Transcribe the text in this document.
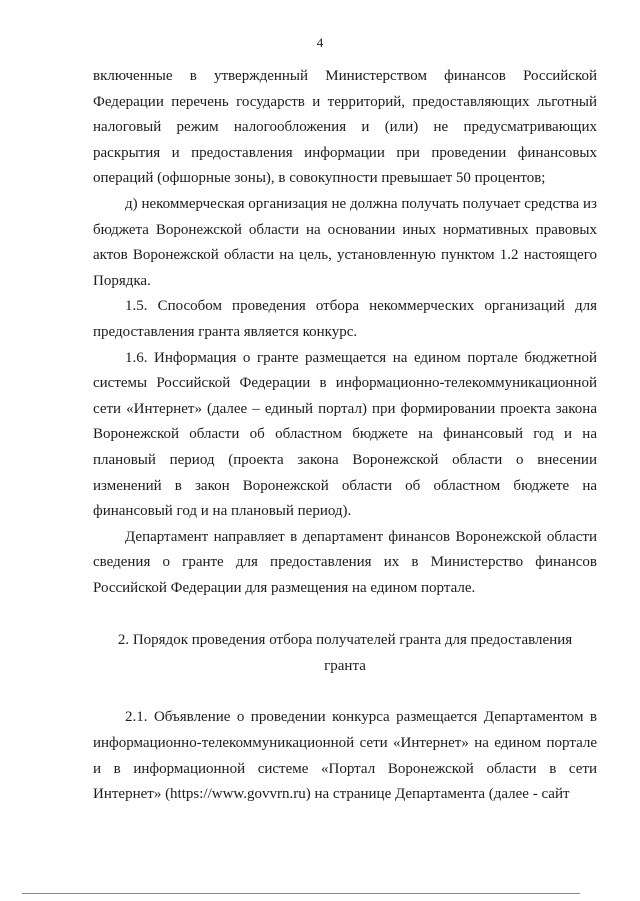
4

включенные в утвержденный Министерством финансов Российской Федерации перечень государств и территорий, предоставляющих льготный налоговый режим налогообложения и (или) не предусматривающих раскрытия и предоставления информации при проведении финансовых операций (офшорные зоны), в совокупности превышает 50 процентов;

д) некоммерческая организация не должна получать получает средства из бюджета Воронежской области на основании иных нормативных правовых актов Воронежской области на цель, установленную пунктом 1.2 настоящего Порядка.

1.5. Способом проведения отбора некоммерческих организаций для предоставления гранта является конкурс.

1.6. Информация о гранте размещается на едином портале бюджетной системы Российской Федерации в информационно-телекоммуникационной сети «Интернет» (далее – единый портал) при формировании проекта закона Воронежской области об областном бюджете на финансовый год и на плановый период (проекта закона Воронежской области о внесении изменений в закон Воронежской области об областном бюджете на финансовый год и на плановый период).

Департамент направляет в департамент финансов Воронежской области сведения о гранте для предоставления их в Министерство финансов Российской Федерации для размещения на едином портале.

2. Порядок проведения отбора получателей гранта для предоставления гранта

2.1. Объявление о проведении конкурса размещается Департаментом в информационно-телекоммуникационной сети «Интернет» на едином портале и в информационной системе «Портал Воронежской области в сети Интернет» (https://www.govvrn.ru) на странице Департамента (далее - сайт
